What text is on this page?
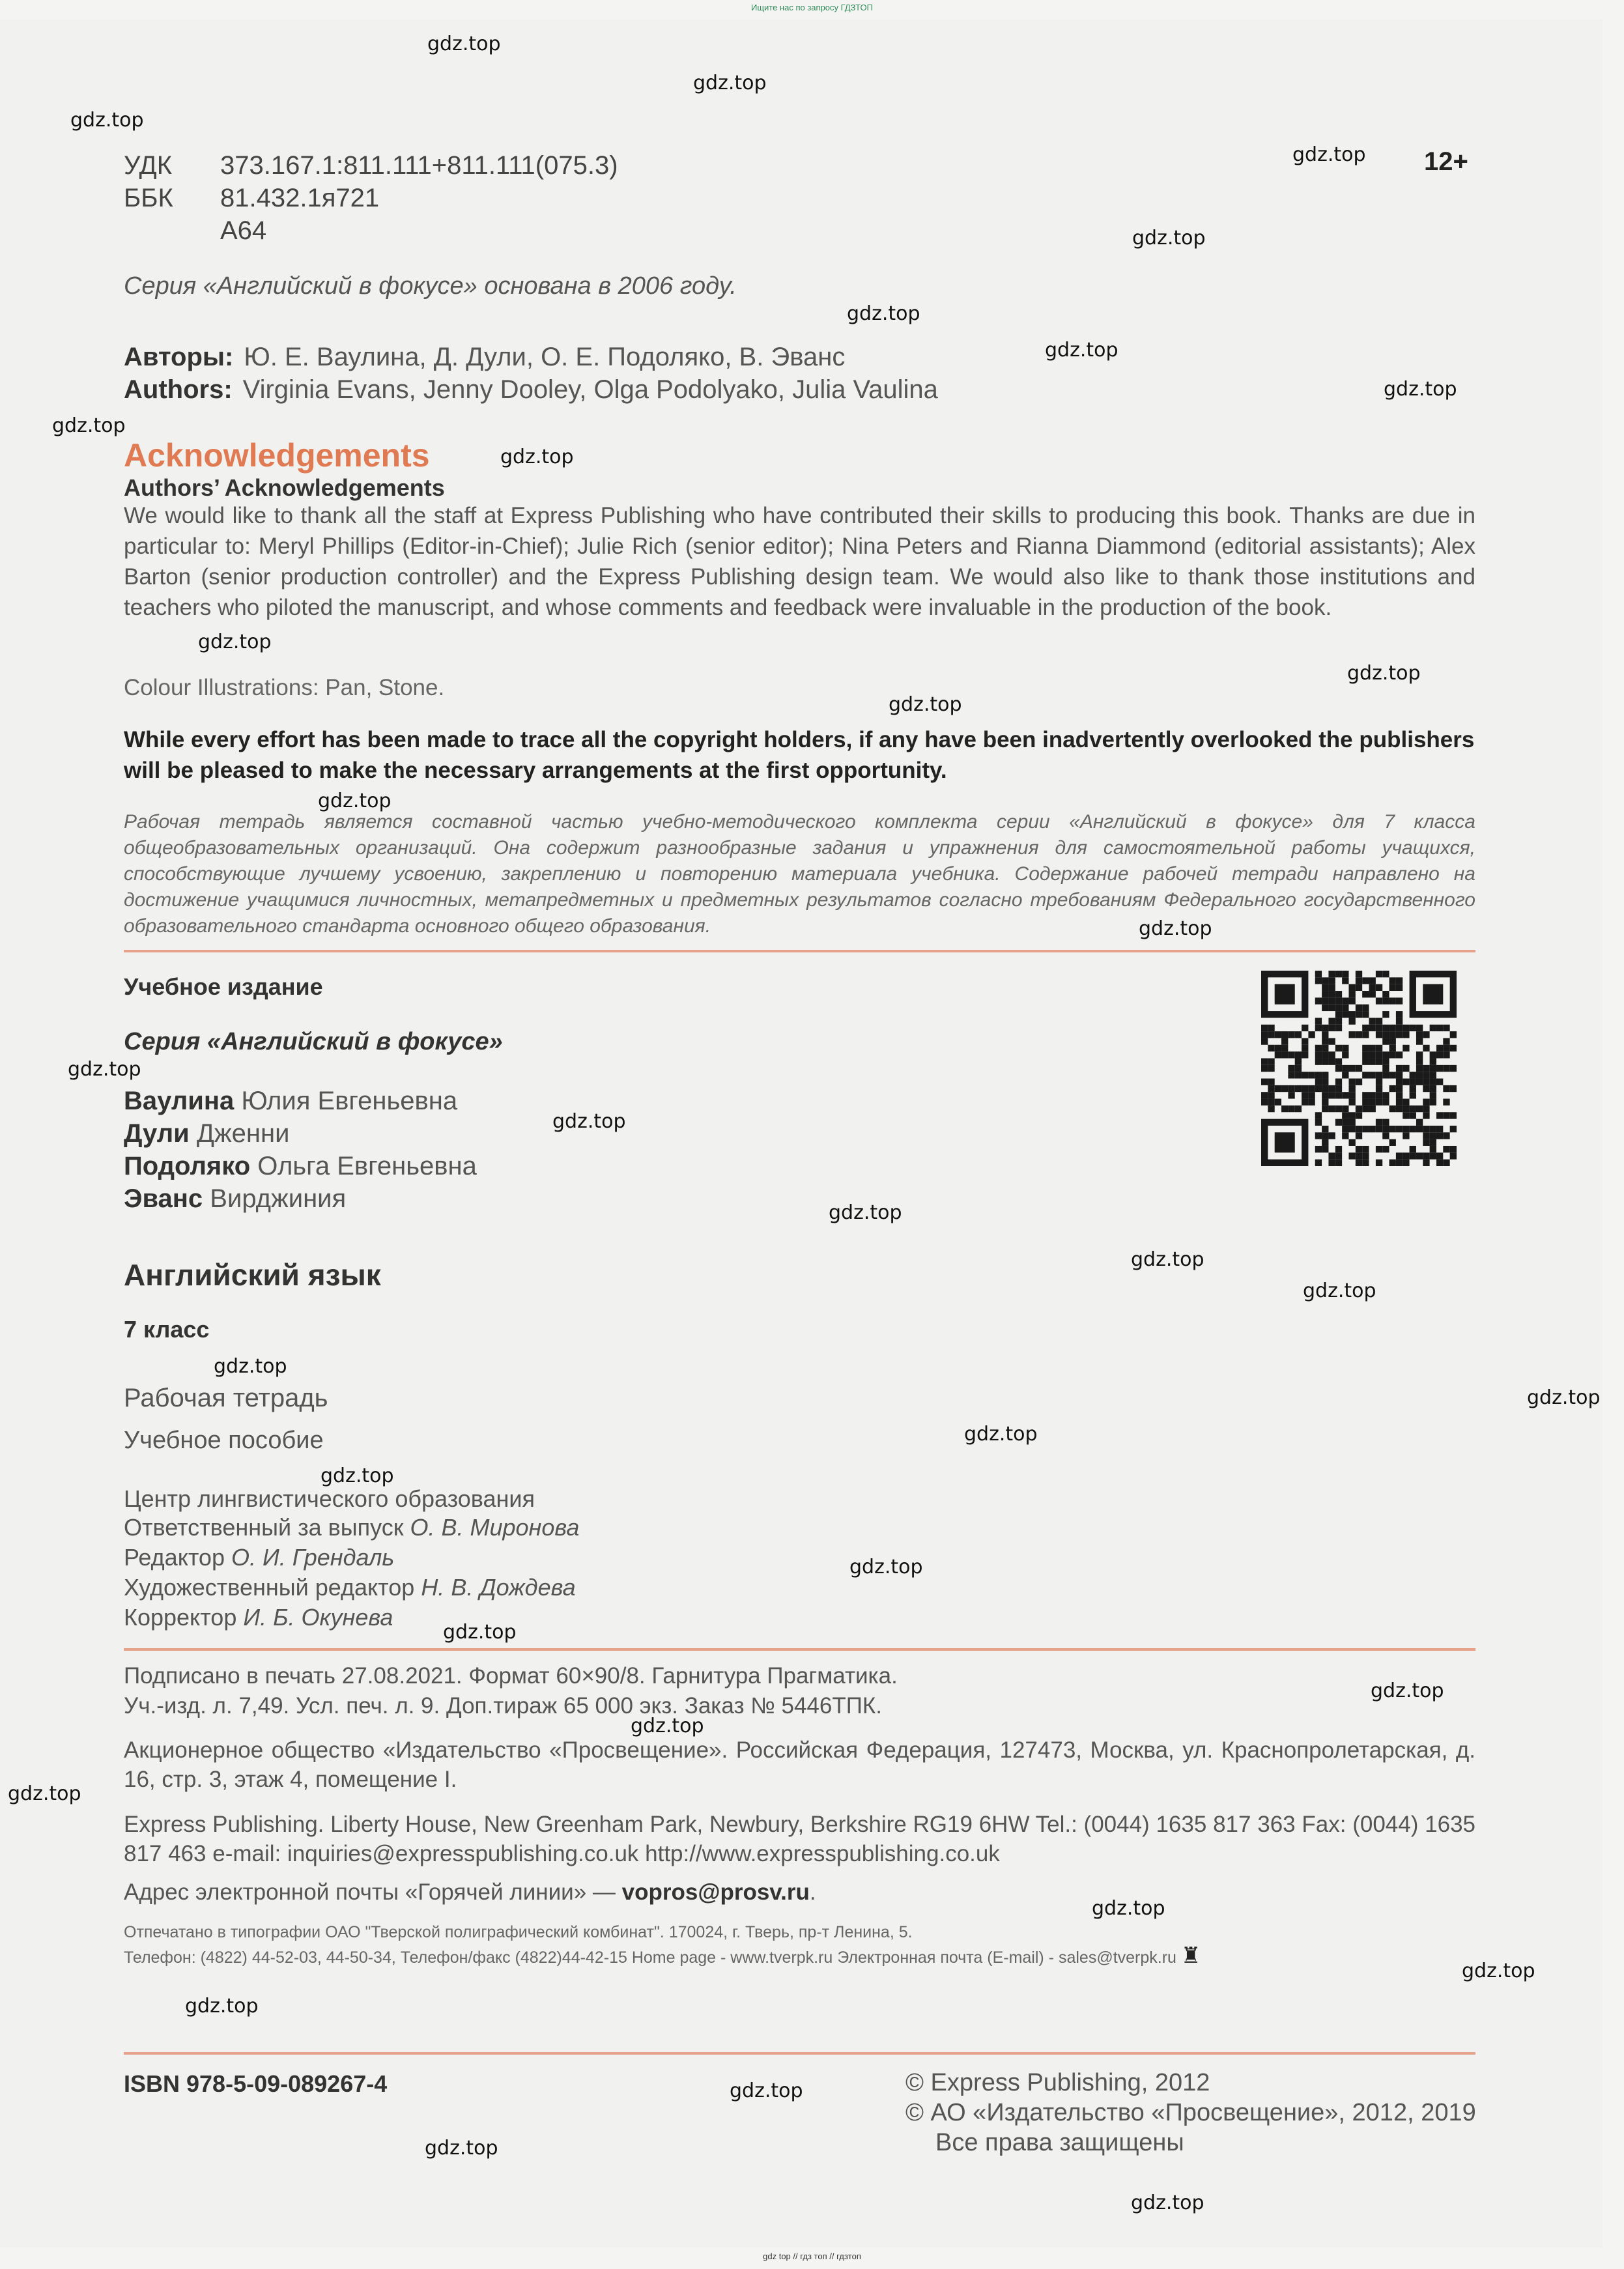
Ищите нас по запросу ГДЗТОП
gdz.top
gdz.top
gdz.top
gdz.top
gdz.top
gdz.top
gdz.top
gdz.top
gdz.top
gdz.top
gdz.top
gdz.top
gdz.top
gdz.top
gdz.top
gdz.top
gdz.top
gdz.top
gdz.top
gdz.top
gdz.top
gdz.top
gdz.top
gdz.top
gdz.top
gdz.top
gdz.top
gdz.top
gdz.top
gdz.top
gdz.top
gdz.top
gdz.top
gdz.top
gdz.top
УДК 373.167.1:811.111+811.111(075.3)
ББК 81.432.1я721
А64
12+
Серия «Английский в фокусе» основана в 2006 году.
Авторы: Ю. Е. Ваулина, Д. Дули, О. Е. Подоляко, В. Эванс
Authors: Virginia Evans, Jenny Dooley, Olga Podolyako, Julia Vaulina
Acknowledgements
Authors’ Acknowledgements
We would like to thank all the staff at Express Publishing who have contributed their skills to producing this book. Thanks are due in particular to: Meryl Phillips (Editor-in-Chief); Julie Rich (senior editor); Nina Peters and Rianna Diammond (editorial assistants); Alex Barton (senior production controller) and the Express Publishing design team. We would also like to thank those institutions and teachers who piloted the manuscript, and whose comments and feedback were invaluable in the production of the book.
Colour Illustrations: Pan, Stone.
While every effort has been made to trace all the copyright holders, if any have been inadvertently overlooked the publishers will be pleased to make the necessary arrangements at the first opportunity.
Рабочая тетрадь является составной частью учебно-методического комплекта серии «Английский в фокусе» для 7 класса общеобразовательных организаций. Она содержит разнообразные задания и упражнения для самостоятельной работы учащихся, способствующие лучшему усвоению, закреплению и повторению материала учебника. Содержание рабочей тетради направлено на достижение учащимися личностных, метапредметных и предметных результатов согласно требованиям Федерального государственного образовательного стандарта основного общего образования.
Учебное издание
Серия «Английский в фокусе»
Ваулина Юлия Евгеньевна
Дули Дженни
Подоляко Ольга Евгеньевна
Эванс Вирджиния
Английский язык
7 класс
Рабочая тетрадь
Учебное пособие
Центр лингвистического образования
Ответственный за выпуск О. В. Миронова
Редактор О. И. Грендаль
Художественный редактор Н. В. Дождева
Корректор И. Б. Окунева
Подписано в печать 27.08.2021. Формат 60×90/8. Гарнитура Прагматика.
Уч.-изд. л. 7,49. Усл. печ. л. 9. Доп.тираж 65 000 экз. Заказ № 5446ТПК.
Акционерное общество «Издательство «Просвещение». Российская Федерация, 127473, Москва, ул. Краснопролетарская, д. 16, стр. 3, этаж 4, помещение I.
Express Publishing. Liberty House, New Greenham Park, Newbury, Berkshire RG19 6HW Tel.: (0044) 1635 817 363 Fax: (0044) 1635 817 463 e-mail: inquiries@expresspublishing.co.uk http://www.expresspublishing.co.uk
Адрес электронной почты «Горячей линии» — vopros@prosv.ru.
Отпечатано в типографии ОАО "Тверской полиграфический комбинат". 170024, г. Тверь, пр-т Ленина, 5.
Телефон: (4822) 44-52-03, 44-50-34, Телефон/факс (4822)44-42-15 Home page - www.tverpk.ru Электронная почта (E-mail) - sales@tverpk.ru ♜
ISBN 978-5-09-089267-4	© Express Publishing, 2012
© АО «Издательство «Просвещение», 2012, 2019
Все права защищены
gdz top // гдз топ // гдзтоп
